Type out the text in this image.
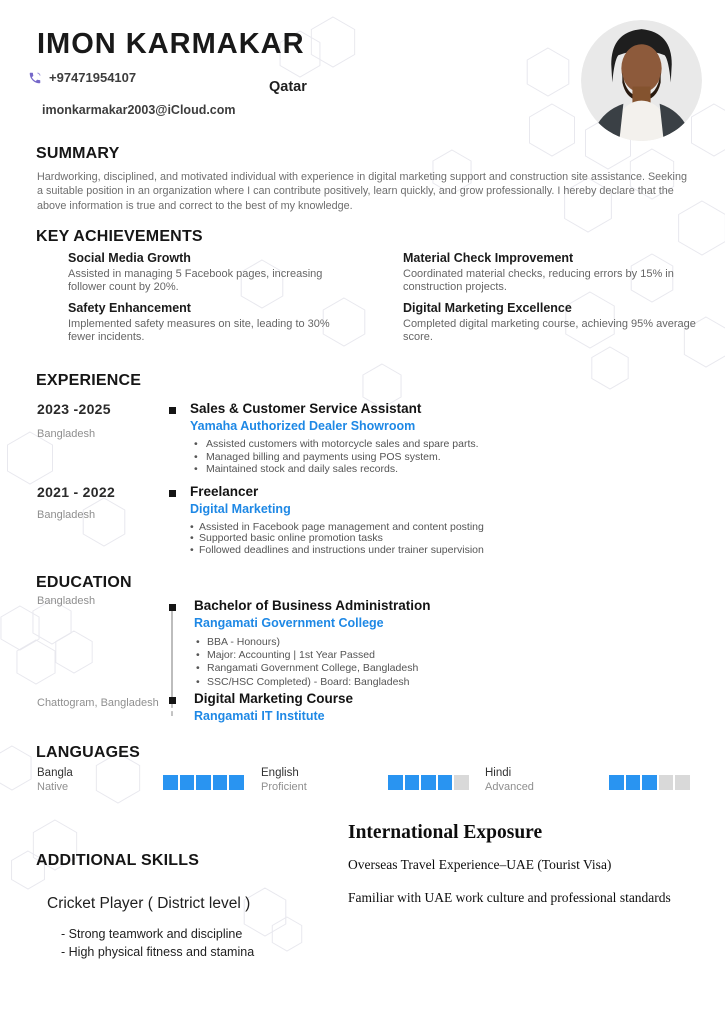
IMON KARMAKAR
+97471954107
Qatar
imonkarmakar2003@iCloud.com
SUMMARY

Hardworking, disciplined, and motivated individual with experience in digital marketing support and construction site assistance. Seeking a suitable position in an organization where I can contribute positively, learn quickly, and grow professionally. I hereby declare that the above information is true and correct to the best of my knowledge.

KEY ACHIEVEMENTS
Social Media Growth
Assisted in managing 5 Facebook pages, increasing follower count by 20%.
Safety Enhancement
Implemented safety measures on site, leading to 30% fewer incidents.
Material Check Improvement
Coordinated material checks, reducing errors by 15% in construction projects.
Digital Marketing Excellence
Completed digital marketing course, achieving 95% average score.
EXPERIENCE
2023 -2025
Bangladesh
Sales & Customer Service Assistant
Yamaha Authorized Dealer Showroom
• Assisted customers with motorcycle sales and spare parts.
• Managed billing and payments using POS system.
• Maintained stock and daily sales records.
2021 - 2022
Bangladesh
Freelancer
Digital Marketing
• Assisted in Facebook page management and content posting
• Supported basic online promotion tasks
• Followed deadlines and instructions under trainer supervision
EDUCATION
Bangladesh	Bachelor of Business Administration
Rangamati Government College
• BBA - Honours)
• Major: Accounting | 1st Year Passed
• Rangamati Government College, Bangladesh
• SSC/HSC Completed) - Board: Bangladesh
Chattogram, Bangladesh	Digital Marketing Course
Rangamati IT Institute
LANGUAGES
Bangla
Native
English
Proficient
Hindi
Advanced
International Exposure
Overseas Travel Experience–UAE (Tourist Visa)
Familiar with UAE work culture and professional standards
ADDITIONAL SKILLS
Cricket Player ( District level )
- Strong teamwork and discipline
- High physical fitness and stamina
